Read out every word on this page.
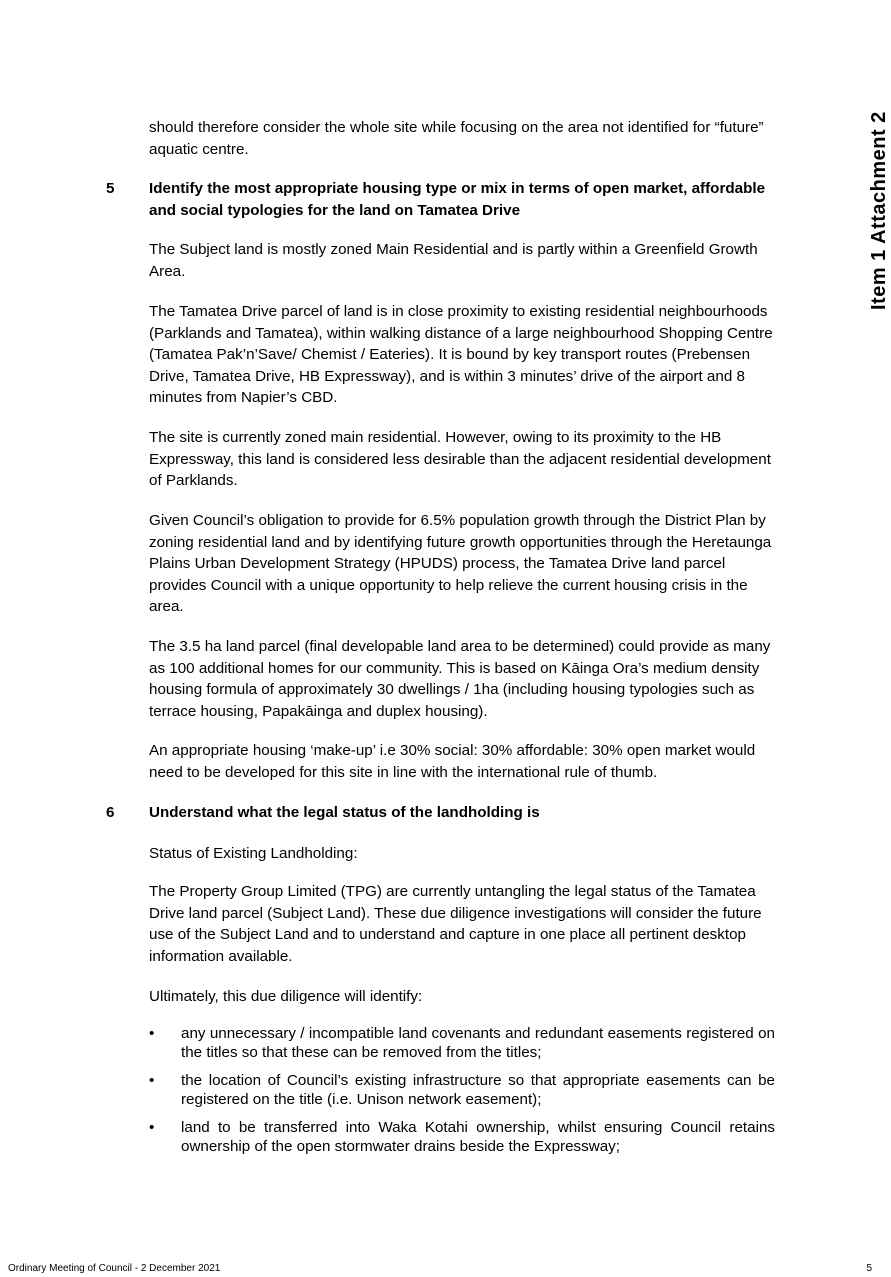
Item 1 Attachment 2

should therefore consider the whole site while focusing on the area not identified for “future” aquatic centre.

5 Identify the most appropriate housing type or mix in terms of open market, affordable and social typologies for the land on Tamatea Drive

The Subject land is mostly zoned Main Residential and is partly within a Greenfield Growth Area.

The Tamatea Drive parcel of land is in close proximity to existing residential neighbourhoods (Parklands and Tamatea), within walking distance of a large neighbourhood Shopping Centre (Tamatea Pak’n’Save/ Chemist / Eateries). It is bound by key transport routes (Prebensen Drive, Tamatea Drive, HB Expressway), and is within 3 minutes’ drive of the airport and 8 minutes from Napier’s CBD.

The site is currently zoned main residential. However, owing to its proximity to the HB Expressway, this land is considered less desirable than the adjacent residential development of Parklands.

Given Council’s obligation to provide for 6.5% population growth through the District Plan by zoning residential land and by identifying future growth opportunities through the Heretaunga Plains Urban Development Strategy (HPUDS) process, the Tamatea Drive land parcel provides Council with a unique opportunity to help relieve the current housing crisis in the area.

The 3.5 ha land parcel (final developable land area to be determined) could provide as many as 100 additional homes for our community. This is based on Kāinga Ora’s medium density housing formula of approximately 30 dwellings / 1ha (including housing typologies such as terrace housing, Papakāinga and duplex housing).

An appropriate housing ‘make-up’ i.e 30% social: 30% affordable: 30% open market would need to be developed for this site in line with the international rule of thumb.

6 Understand what the legal status of the landholding is

Status of Existing Landholding:

The Property Group Limited (TPG) are currently untangling the legal status of the Tamatea Drive land parcel (Subject Land). These due diligence investigations will consider the future use of the Subject Land and to understand and capture in one place all pertinent desktop information available.

Ultimately, this due diligence will identify:

•	any unnecessary / incompatible land covenants and redundant easements registered on the titles so that these can be removed from the titles;
•	the location of Council’s existing infrastructure so that appropriate easements can be registered on the title (i.e. Unison network easement);
•	land to be transferred into Waka Kotahi ownership, whilst ensuring Council retains ownership of the open stormwater drains beside the Expressway;
Ordinary Meeting of Council - 2 December 2021	5
